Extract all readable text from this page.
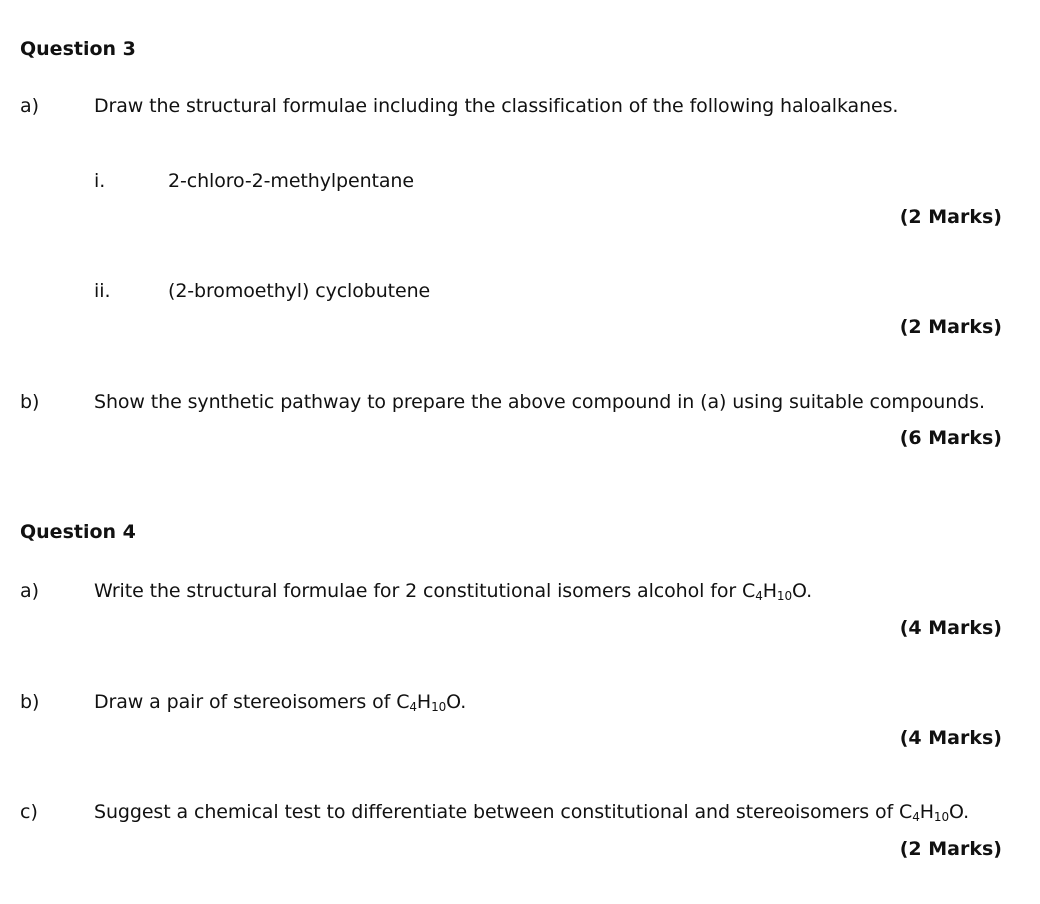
Question 3
a)	Draw the structural formulae including the classification of the following haloalkanes.
i.	2-chloro-2-methylpentane
(2 Marks)
ii.	(2-bromoethyl) cyclobutene
(2 Marks)
b)	Show the synthetic pathway to prepare the above compound in (a) using suitable compounds.
(6 Marks)
Question 4
a)	Write the structural formulae for 2 constitutional isomers alcohol for C4H10O.
(4 Marks)
b)	Draw a pair of stereoisomers of C4H10O.
(4 Marks)
c)	Suggest a chemical test to differentiate between constitutional and stereoisomers of C4H10O.
(2 Marks)
